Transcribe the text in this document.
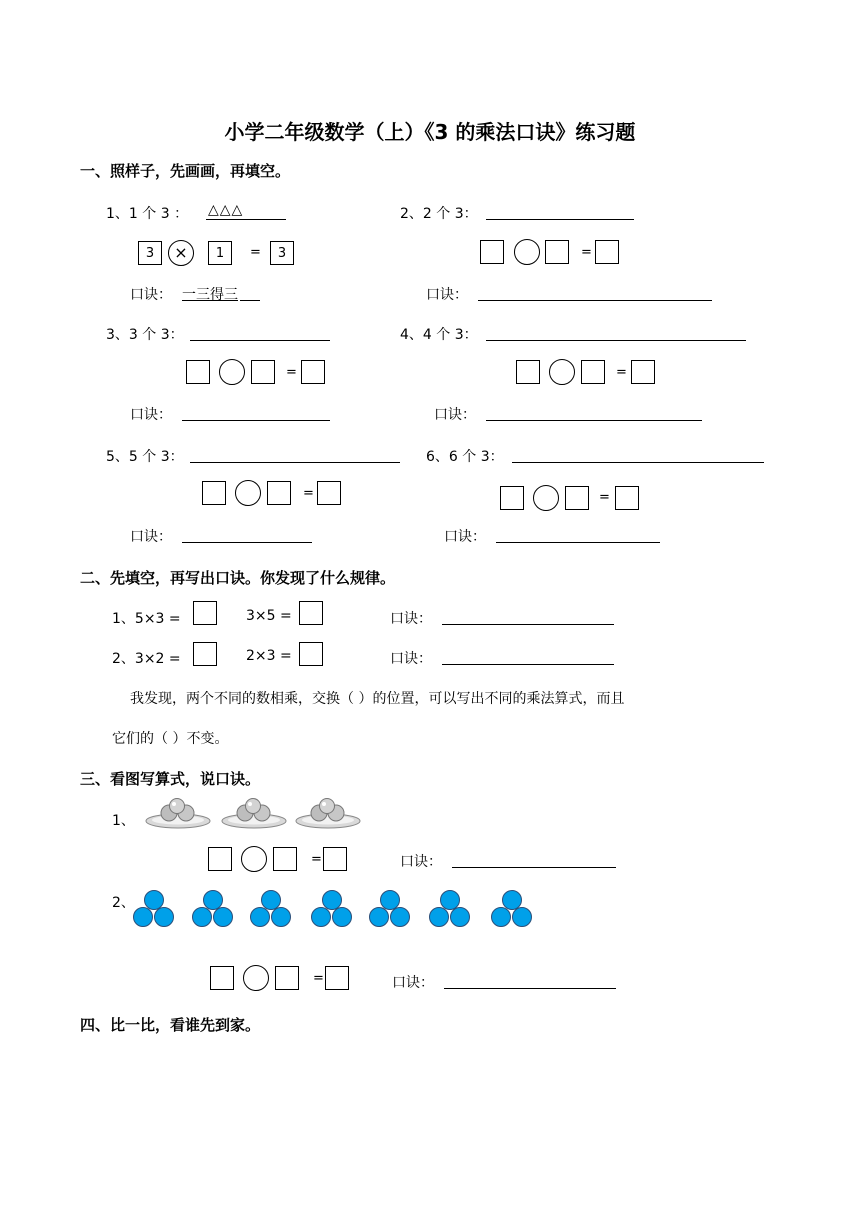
小学二年级数学（上）《3 的乘法口诀》练习题
一、照样子，先画画，再填空。
1、1 个 3 ： △△△
3	×	1	=	3
口诀： 一三得三
2、2 个 3：
=
口诀：
3、3 个 3：
=
口诀：
4、4 个 3：
=
口诀：
5、5 个 3：
=
口诀：
6、6 个 3：
=
口诀：
二、先填空，再写出口诀。你发现了什么规律。
1、5×3 =	3×5 =	口诀：
2、3×2 =	2×3 =	口诀：
我发现，两个不同的数相乘，交换（ ）的位置，可以写出不同的乘法算式，而且
它们的（ ）不变。
三、看图写算式，说口诀。
1、
=	口诀：
2、
=	口诀：
四、比一比，看谁先到家。
